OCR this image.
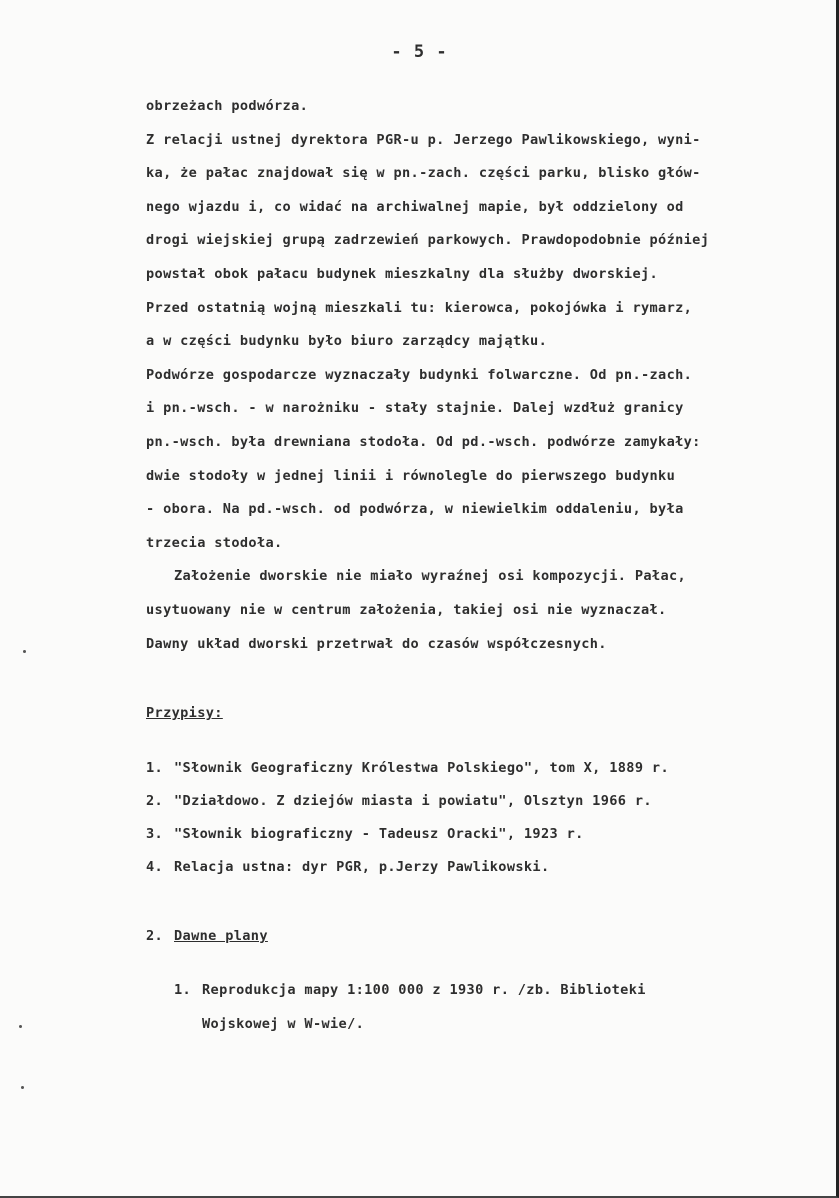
- 5 -
obrzeżach podwórza.
Z relacji ustnej dyrektora PGR-u p. Jerzego Pawlikowskiego, wyni-
ka, że pałac znajdował się w pn.-zach. części parku, blisko głów-
nego wjazdu i, co widać na archiwalnej mapie, był oddzielony od
drogi wiejskiej grupą zadrzewień parkowych. Prawdopodobnie później
powstał obok pałacu budynek mieszkalny dla służby dworskiej.
Przed ostatnią wojną mieszkali tu: kierowca, pokojówka i rymarz,
a w części budynku było biuro zarządcy majątku.
Podwórze gospodarcze wyznaczały budynki folwarczne. Od pn.-zach.
i pn.-wsch. - w narożniku - stały stajnie. Dalej wzdłuż granicy
pn.-wsch. była drewniana stodoła. Od pd.-wsch. podwórze zamykały:
dwie stodoły w jednej linii i równolegle do pierwszego budynku
- obora. Na pd.-wsch. od podwórza, w niewielkim oddaleniu, była
trzecia stodoła.
Założenie dworskie nie miało wyraźnej osi kompozycji. Pałac,
usytuowany nie w centrum założenia, takiej osi nie wyznaczał.
Dawny układ dworski przetrwał do czasów współczesnych.
Przypisy:
1. "Słownik Geograficzny Królestwa Polskiego", tom X, 1889 r.
2. "Działdowo. Z dziejów miasta i powiatu", Olsztyn 1966 r.
3. "Słownik biograficzny - Tadeusz Oracki", 1923 r.
4. Relacja ustna: dyr PGR, p.Jerzy Pawlikowski.
2. Dawne plany
1. Reprodukcja mapy 1:100 000 z 1930 r. /zb. Biblioteki
Wojskowej w W-wie/.
